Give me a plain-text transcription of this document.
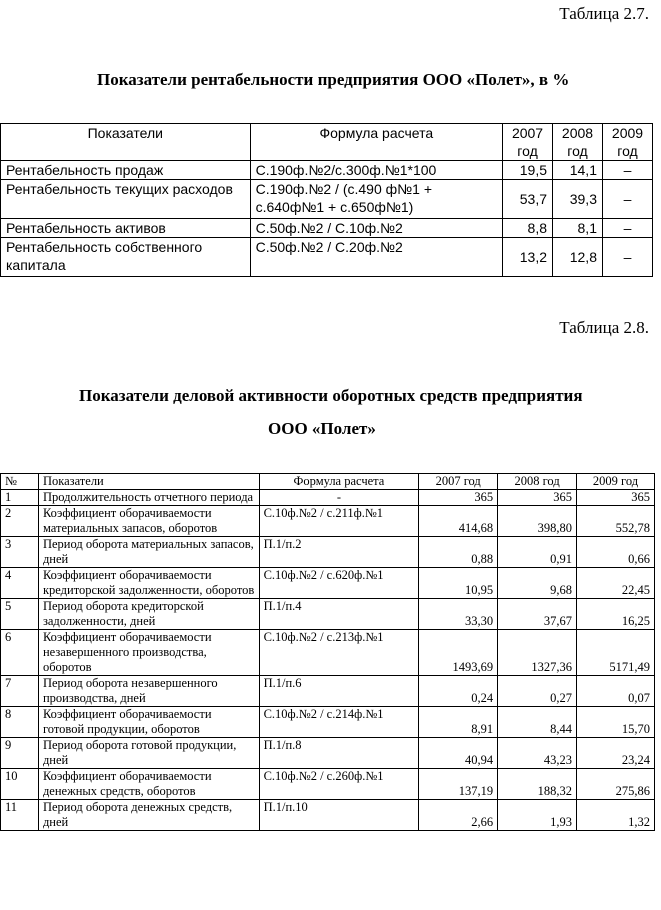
Таблица 2.7.
Показатели рентабельности предприятия ООО «Полет», в %
Показатели	Формула расчета	2007 год	2008 год	2009 год
Рентабельность продаж	С.190ф.№2/с.300ф.№1*100	19,5	14,1	–
Рентабельность текущих расходов	С.190ф.№2 / (с.490 ф№1 + с.640ф№1 + с.650ф№1)	53,7	39,3	–
Рентабельность активов	С.50ф.№2 / С.10ф.№2	8,8	8,1	–
Рентабельность собственного капитала	С.50ф.№2 / С.20ф.№2	13,2	12,8	–
Таблица 2.8.
Показатели деловой активности оборотных средств предприятия
ООО «Полет»
№	Показатели	Формула расчета	2007 год	2008 год	2009 год
1	Продолжительность отчетного периода	-	365	365	365
2	Коэффициент оборачиваемости материальных запасов, оборотов	С.10ф.№2 / с.211ф.№1	414,68	398,80	552,78
3	Период оборота материальных запасов, дней	П.1/п.2	0,88	0,91	0,66
4	Коэффициент оборачиваемости кредиторской задолженности, оборотов	С.10ф.№2 / с.620ф.№1	10,95	9,68	22,45
5	Период оборота кредиторской задолженности, дней	П.1/п.4	33,30	37,67	16,25
6	Коэффициент оборачиваемости незавершенного производства, оборотов	С.10ф.№2 / с.213ф.№1	1493,69	1327,36	5171,49
7	Период оборота незавершенного производства, дней	П.1/п.6	0,24	0,27	0,07
8	Коэффициент оборачиваемости готовой продукции, оборотов	С.10ф.№2 / с.214ф.№1	8,91	8,44	15,70
9	Период оборота готовой продукции, дней	П.1/п.8	40,94	43,23	23,24
10	Коэффициент оборачиваемости денежных средств, оборотов	С.10ф.№2 / с.260ф.№1	137,19	188,32	275,86
11	Период оборота денежных средств, дней	П.1/п.10	2,66	1,93	1,32
